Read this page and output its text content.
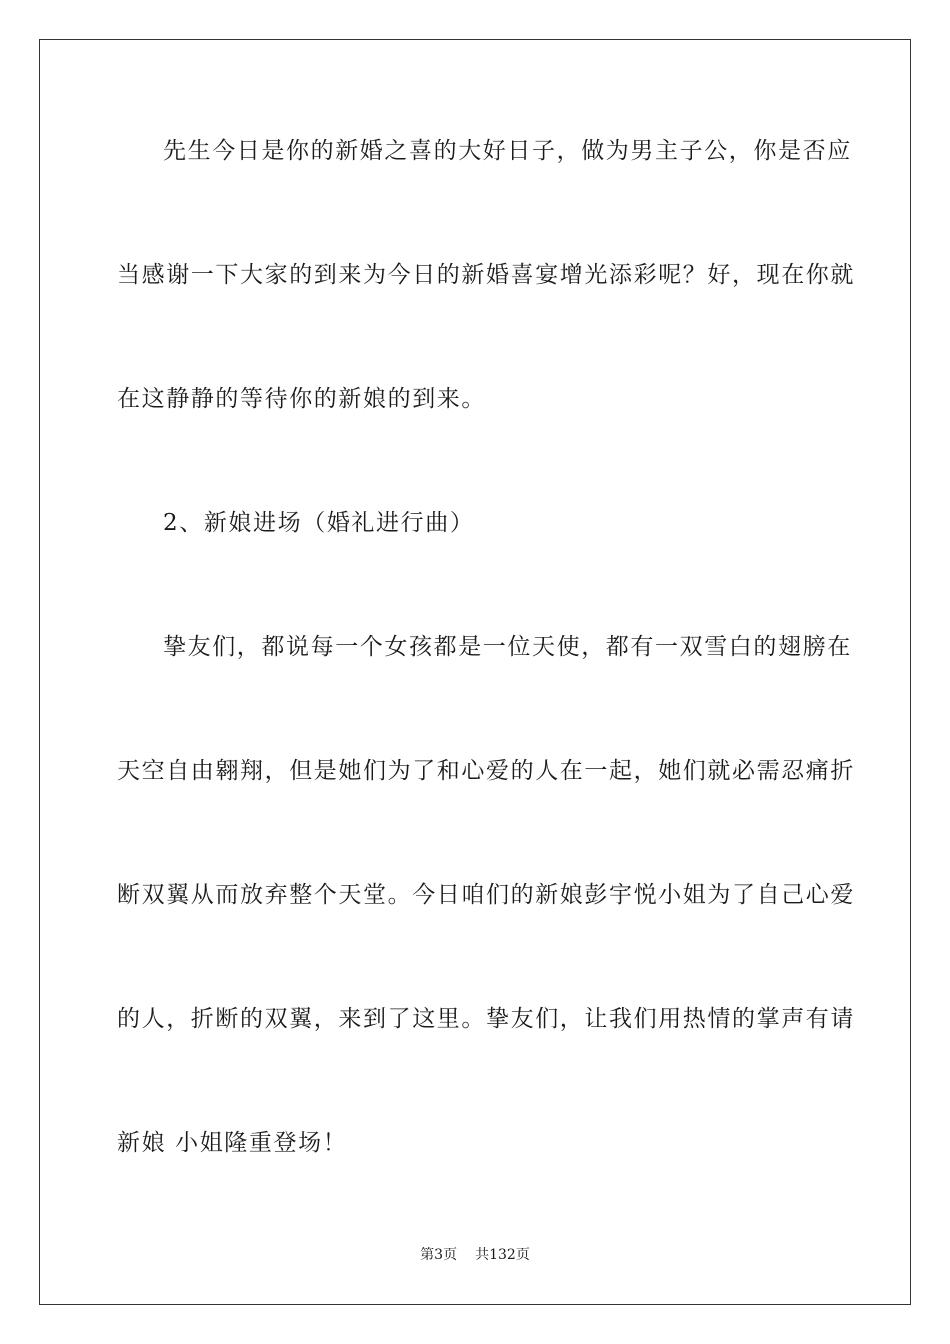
先生今日是你的新婚之喜的大好日子，做为男主子公，你是否应
当感谢一下大家的到来为今日的新婚喜宴增光添彩呢？好，现在你就
在这静静的等待你的新娘的到来。
2、新娘进场（婚礼进行曲）
挚友们，都说每一个女孩都是一位天使，都有一双雪白的翅膀在
天空自由翱翔，但是她们为了和心爱的人在一起，她们就必需忍痛折
断双翼从而放弃整个天堂。今日咱们的新娘彭宇悦小姐为了自己心爱
的人，折断的双翼，来到了这里。挚友们，让我们用热情的掌声有请
新娘 小姐隆重登场！
第3页 共132页
